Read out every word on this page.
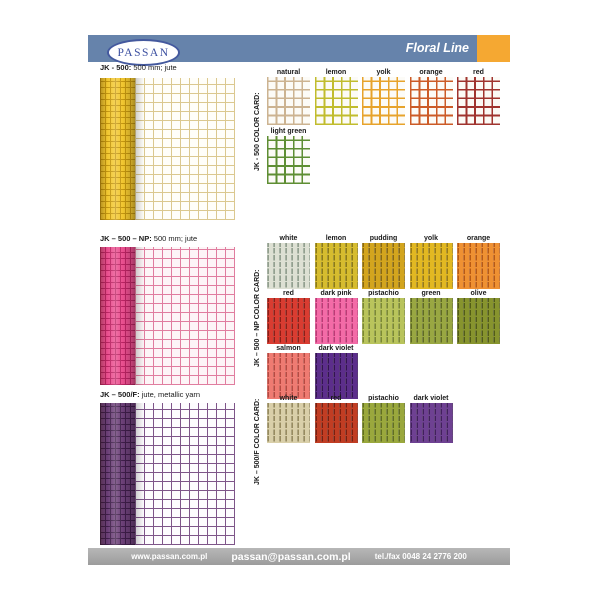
Floral Line
PASSAN
JK - 500: 500 mm; jute
JK - 500 COLOR CARD:
natural	lemon	yolk	orange	red
light green
JK – 500 – NP: 500 mm; jute
JK – 500 – NP COLOR CARD:
white	lemon	pudding	yolk	orange
red	dark pink	pistachio	green	olive
salmon	dark violet
JK – 500/F: jute, metallic yarn
JK – 500/F COLOR CARD:
white	red	pistachio	dark violet
www.passan.com.pl passan@passan.com.pl	tel./fax 0048 24 2776 200
